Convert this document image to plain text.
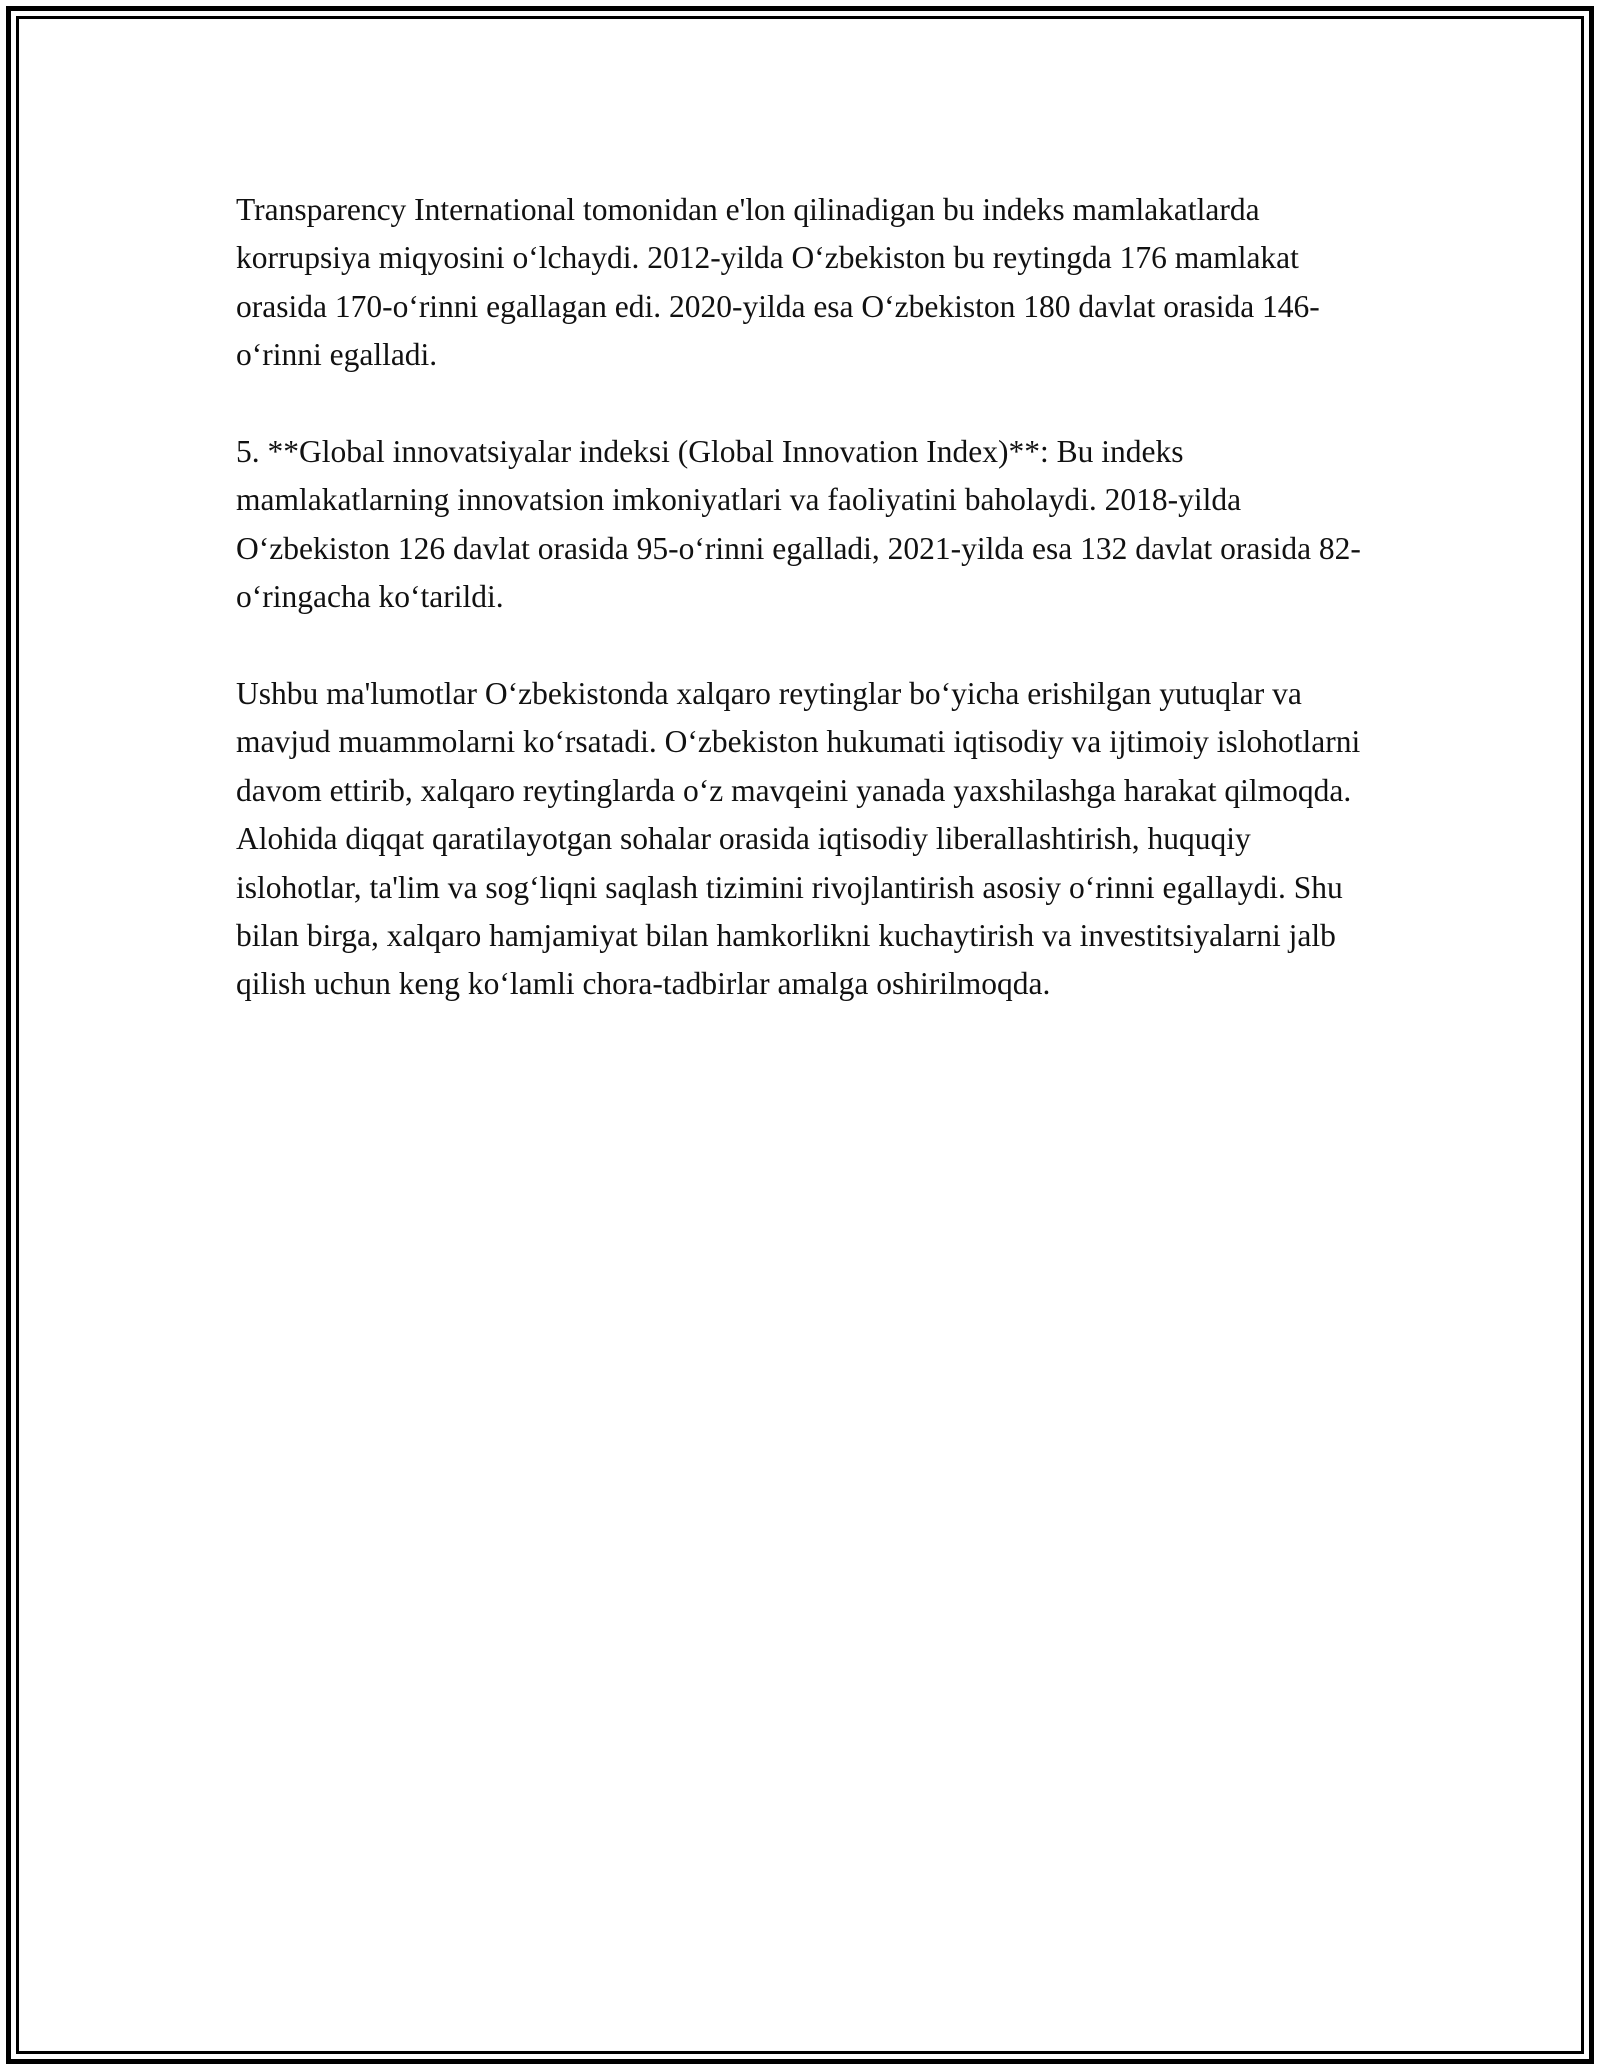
Transparency International tomonidan e'lon qilinadigan bu indeks mamlakatlarda korrupsiya miqyosini o‘lchaydi. 2012-yilda O‘zbekiston bu reytingda 176 mamlakat orasida 170-o‘rinni egallagan edi. 2020-yilda esa O‘zbekiston 180 davlat orasida 146-o‘rinni egalladi.

5. **Global innovatsiyalar indeksi (Global Innovation Index)**: Bu indeks mamlakatlarning innovatsion imkoniyatlari va faoliyatini baholaydi. 2018-yilda O‘zbekiston 126 davlat orasida 95-o‘rinni egalladi, 2021-yilda esa 132 davlat orasida 82-o‘ringacha ko‘tarildi.

Ushbu ma'lumotlar O‘zbekistonda xalqaro reytinglar bo‘yicha erishilgan yutuqlar va mavjud muammolarni ko‘rsatadi. O‘zbekiston hukumati iqtisodiy va ijtimoiy islohotlarni davom ettirib, xalqaro reytinglarda o‘z mavqeini yanada yaxshilashga harakat qilmoqda. Alohida diqqat qaratilayotgan sohalar orasida iqtisodiy liberallashtirish, huquqiy islohotlar, ta'lim va sog‘liqni saqlash tizimini rivojlantirish asosiy o‘rinni egallaydi. Shu bilan birga, xalqaro hamjamiyat bilan hamkorlikni kuchaytirish va investitsiyalarni jalb qilish uchun keng ko‘lamli chora-tadbirlar amalga oshirilmoqda.
